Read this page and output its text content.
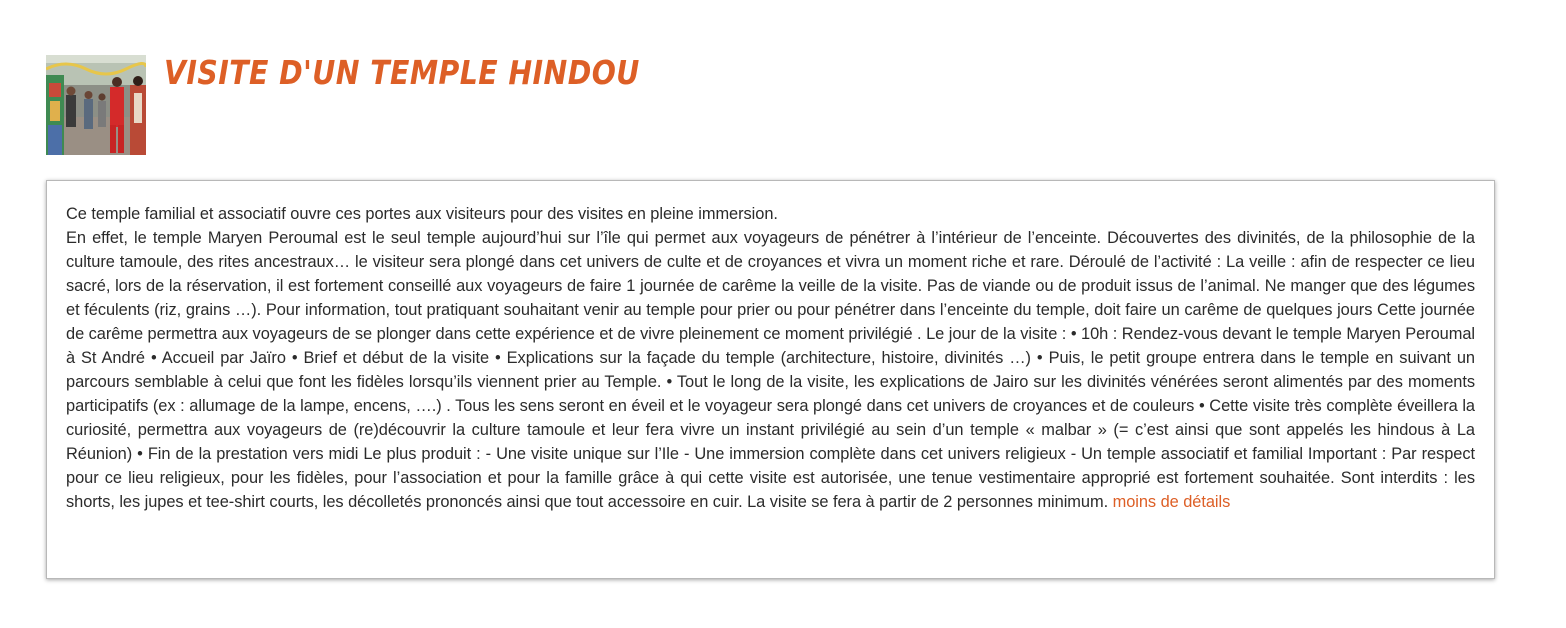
VISITE D'UN TEMPLE HINDOU

Ce temple familial et associatif ouvre ces portes aux visiteurs pour des visites en pleine immersion.
En effet, le temple Maryen Peroumal est le seul temple aujourd’hui sur l’île qui permet aux voyageurs de pénétrer à l’intérieur de l’enceinte. Découvertes des divinités, de la philosophie de la culture tamoule, des rites ancestraux… le visiteur sera plongé dans cet univers de culte et de croyances et vivra un moment riche et rare. Déroulé de l’activité : La veille : afin de respecter ce lieu sacré, lors de la réservation, il est fortement conseillé aux voyageurs de faire 1 journée de carême la veille de la visite. Pas de viande ou de produit issus de l’animal. Ne manger que des légumes et féculents (riz, grains …). Pour information, tout pratiquant souhaitant venir au temple pour prier ou pour pénétrer dans l’enceinte du temple, doit faire un carême de quelques jours Cette journée de carême permettra aux voyageurs de se plonger dans cette expérience et de vivre pleinement ce moment privilégié . Le jour de la visite : • 10h : Rendez-vous devant le temple Maryen Peroumal à St André • Accueil par Jaïro • Brief et début de la visite • Explications sur la façade du temple (architecture, histoire, divinités …) • Puis, le petit groupe entrera dans le temple en suivant un parcours semblable à celui que font les fidèles lorsqu’ils viennent prier au Temple. • Tout le long de la visite, les explications de Jairo sur les divinités vénérées seront alimentés par des moments participatifs (ex : allumage de la lampe, encens, ….) . Tous les sens seront en éveil et le voyageur sera plongé dans cet univers de croyances et de couleurs • Cette visite très complète éveillera la curiosité, permettra aux voyageurs de (re)découvrir la culture tamoule et leur fera vivre un instant privilégié au sein d’un temple « malbar » (= c’est ainsi que sont appelés les hindous à La Réunion) • Fin de la prestation vers midi Le plus produit : - Une visite unique sur l’Ile - Une immersion complète dans cet univers religieux - Un temple associatif et familial Important : Par respect pour ce lieu religieux, pour les fidèles, pour l’association et pour la famille grâce à qui cette visite est autorisée, une tenue vestimentaire approprié est fortement souhaitée. Sont interdits : les shorts, les jupes et tee-shirt courts, les décolletés prononcés ainsi que tout accessoire en cuir. La visite se fera à partir de 2 personnes minimum. moins de détails
